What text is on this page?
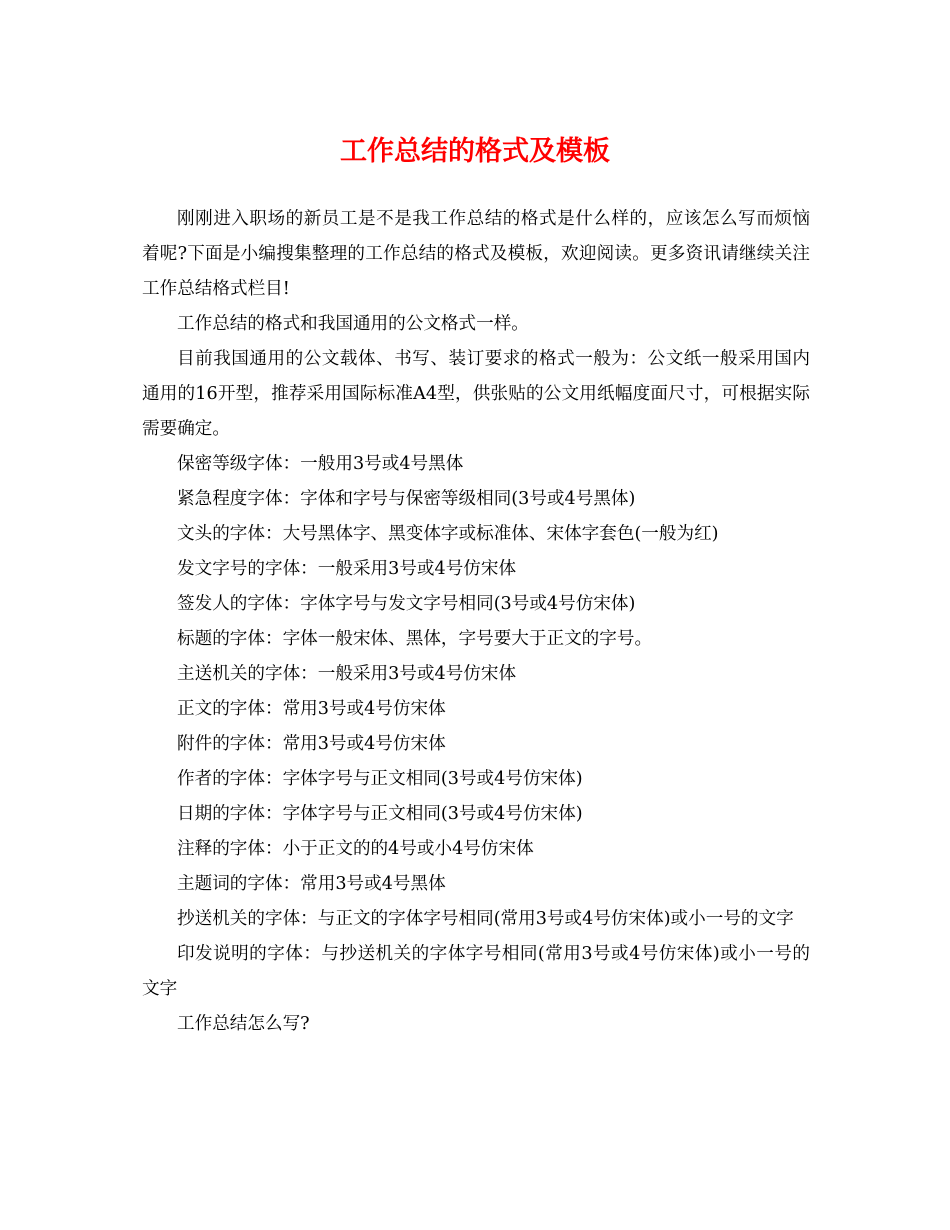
工作总结的格式及模板

刚刚进入职场的新员工是不是我工作总结的格式是什么样的，应该怎么写而烦恼着呢?下面是小编搜集整理的工作总结的格式及模板，欢迎阅读。更多资讯请继续关注工作总结格式栏目!

工作总结的格式和我国通用的公文格式一样。

目前我国通用的公文载体、书写、装订要求的格式一般为：公文纸一般采用国内通用的16开型，推荐采用国际标准A4型，供张贴的公文用纸幅度面尺寸，可根据实际需要确定。

保密等级字体：一般用3号或4号黑体

紧急程度字体：字体和字号与保密等级相同(3号或4号黑体)

文头的字体：大号黑体字、黑变体字或标准体、宋体字套色(一般为红)

发文字号的字体：一般采用3号或4号仿宋体

签发人的字体：字体字号与发文字号相同(3号或4号仿宋体)

标题的字体：字体一般宋体、黑体，字号要大于正文的字号。

主送机关的字体：一般采用3号或4号仿宋体

正文的字体：常用3号或4号仿宋体

附件的字体：常用3号或4号仿宋体

作者的字体：字体字号与正文相同(3号或4号仿宋体)

日期的字体：字体字号与正文相同(3号或4号仿宋体)

注释的字体：小于正文的的4号或小4号仿宋体

主题词的字体：常用3号或4号黑体

抄送机关的字体：与正文的字体字号相同(常用3号或4号仿宋体)或小一号的文字

印发说明的字体：与抄送机关的字体字号相同(常用3号或4号仿宋体)或小一号的文字

工作总结怎么写?
